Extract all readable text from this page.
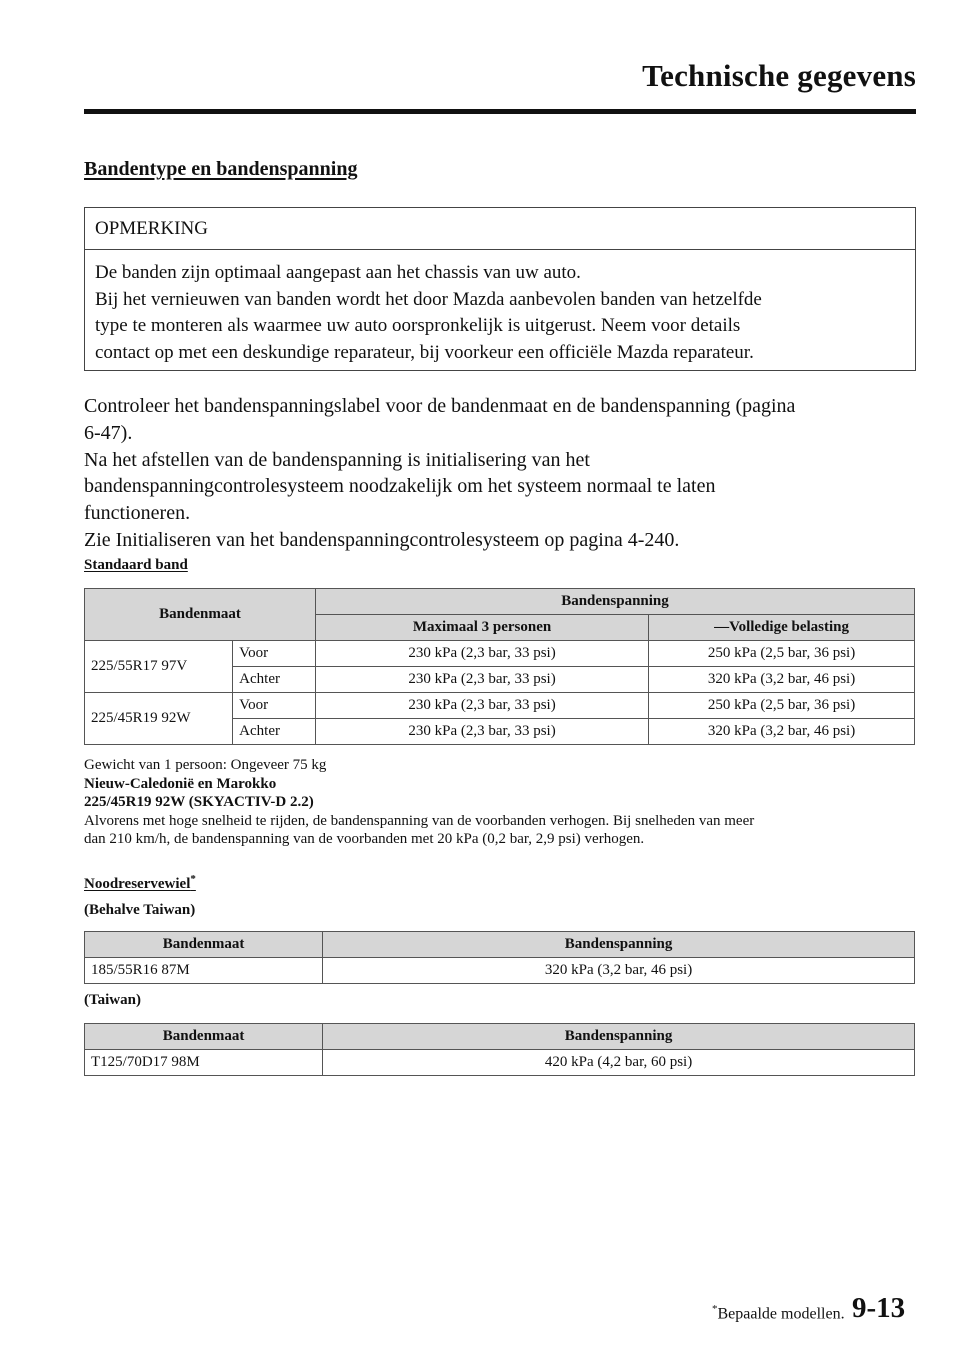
Technische gegevens
Bandentype en bandenspanning
OPMERKING
De banden zijn optimaal aangepast aan het chassis van uw auto.
Bij het vernieuwen van banden wordt het door Mazda aanbevolen banden van hetzelfde
type te monteren als waarmee uw auto oorspronkelijk is uitgerust. Neem voor details
contact op met een deskundige reparateur, bij voorkeur een officiële Mazda reparateur.
Controleer het bandenspanningslabel voor de bandenmaat en de bandenspanning (pagina
6-47).
Na het afstellen van de bandenspanning is initialisering van het
bandenspanningcontrolesysteem noodzakelijk om het systeem normaal te laten
functioneren.
Zie Initialiseren van het bandenspanningcontrolesysteem op pagina 4-240.
Standaard band
Bandenmaat		Bandenspanning	
		Maximaal 3 personen	—Volledige belasting
225/55R17 97V	Voor	230 kPa (2,3 bar, 33 psi)	250 kPa (2,5 bar, 36 psi)
	Achter	230 kPa (2,3 bar, 33 psi)	320 kPa (3,2 bar, 46 psi)
225/45R19 92W	Voor	230 kPa (2,3 bar, 33 psi)	250 kPa (2,5 bar, 36 psi)
	Achter	230 kPa (2,3 bar, 33 psi)	320 kPa (3,2 bar, 46 psi)
Gewicht van 1 persoon: Ongeveer 75 kg
Nieuw-Caledonië en Marokko
225/45R19 92W (SKYACTIV-D 2.2)
Alvorens met hoge snelheid te rijden, de bandenspanning van de voorbanden verhogen. Bij snelheden van meer
dan 210 km/h, de bandenspanning van de voorbanden met 20 kPa (0,2 bar, 2,9 psi) verhogen.
Noodreservewiel*
(Behalve Taiwan)
Bandenmaat	Bandenspanning
185/55R16 87M	320 kPa (3,2 bar, 46 psi)
(Taiwan)
Bandenmaat	Bandenspanning
T125/70D17 98M	420 kPa (4,2 bar, 60 psi)
*Bepaalde modellen. 9-13
